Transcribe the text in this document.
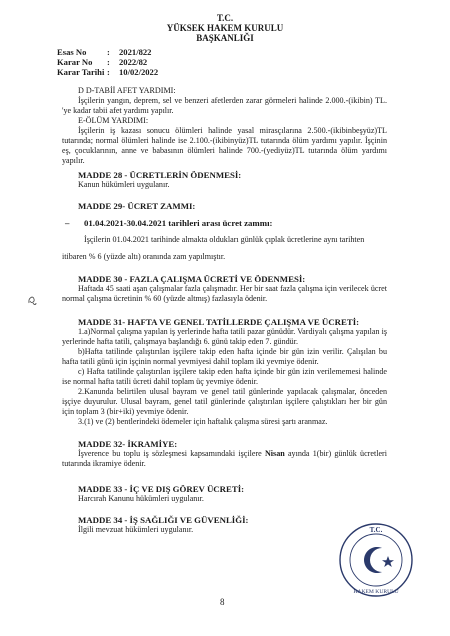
T.C.
YÜKSEK HAKEM KURULU
BAŞKANLIĞI
Esas No : 2021/822
Karar No : 2022/82
Karar Tarihi : 10/02/2022
D D-TABİİ AFET YARDIMI:
İşçilerin yangın, deprem, sel ve benzeri afetlerden zarar görmeleri halinde 2.000.-(ikibin) TL. 'ye kadar tabii afet yardımı yapılır.
E-ÖLÜM YARDIMI:
İşçilerin iş kazası sonucu ölümleri halinde yasal mirasçılarına 2.500.-(ikibinbeşyüz)TL tutarında; normal ölümleri halinde ise 2.100.-(ikibinyüz)TL tutarında ölüm yardımı yapılır. İşçinin eş, çocuklarının, anne ve babasının ölümleri halinde 700.-(yediyüz)TL tutarında ölüm yardımı yapılır.
MADDE 28 - ÜCRETLERİN ÖDENMESİ:
Kanun hükümleri uygulanır.
MADDE 29- ÜCRET ZAMMI:
– 01.04.2021-30.04.2021 tarihleri arası ücret zammı:
İşçilerin 01.04.2021 tarihinde almakta oldukları günlük çıplak ücretlerine aynı tarihten
itibaren % 6 (yüzde altı) oranında zam yapılmıştır.
MADDE 30 - FAZLA ÇALIŞMA ÜCRETİ VE ÖDENMESİ:
Haftada 45 saati aşan çalışmalar fazla çalışmadır. Her bir saat fazla çalışma için verilecek ücret normal çalışma ücretinin % 60 (yüzde altmış) fazlasıyla ödenir.
MADDE 31- HAFTA VE GENEL TATİLLERDE ÇALIŞMA VE ÜCRETİ:
1.a)Normal çalışma yapılan iş yerlerinde hafta tatili pazar günüdür. Vardiyalı çalışma yapılan iş yerlerinde hafta tatili, çalışmaya başlandığı 6. günü takip eden 7. gündür.
b)Hafta tatilinde çalıştırılan işçilere takip eden hafta içinde bir gün izin verilir. Çalışılan bu hafta tatili günü için işçinin normal yevmiyesi dahil toplam iki yevmiye ödenir.
c) Hafta tatilinde çalıştırılan işçilere takip eden hafta içinde bir gün izin verilememesi halinde ise normal hafta tatili ücreti dahil toplam üç yevmiye ödenir.
2.Kanunda belirtilen ulusal bayram ve genel tatil günlerinde yapılacak çalışmalar, önceden işçiye duyurulur. Ulusal bayram, genel tatil günlerinde çalıştırılan işçilere çalıştıkları her bir gün için toplam 3 (bir+iki) yevmiye ödenir.
3.(1) ve (2) bentlerindeki ödemeler için haftalık çalışma süresi şartı aranmaz.
MADDE 32- İKRAMİYE:
İşverence bu toplu iş sözleşmesi kapsamındaki işçilere Nisan ayında 1(bir) günlük ücretleri tutarında ikramiye ödenir.
MADDE 33 - İÇ VE DIŞ GÖREV ÜCRETİ:
Harcırah Kanunu hükümleri uygulanır.
MADDE 34 - İŞ SAĞLIĞI VE GÜVENLİĞİ:
İlgili mevzuat hükümleri uygulanır.
8
T.C.
HAKEM KURULU
